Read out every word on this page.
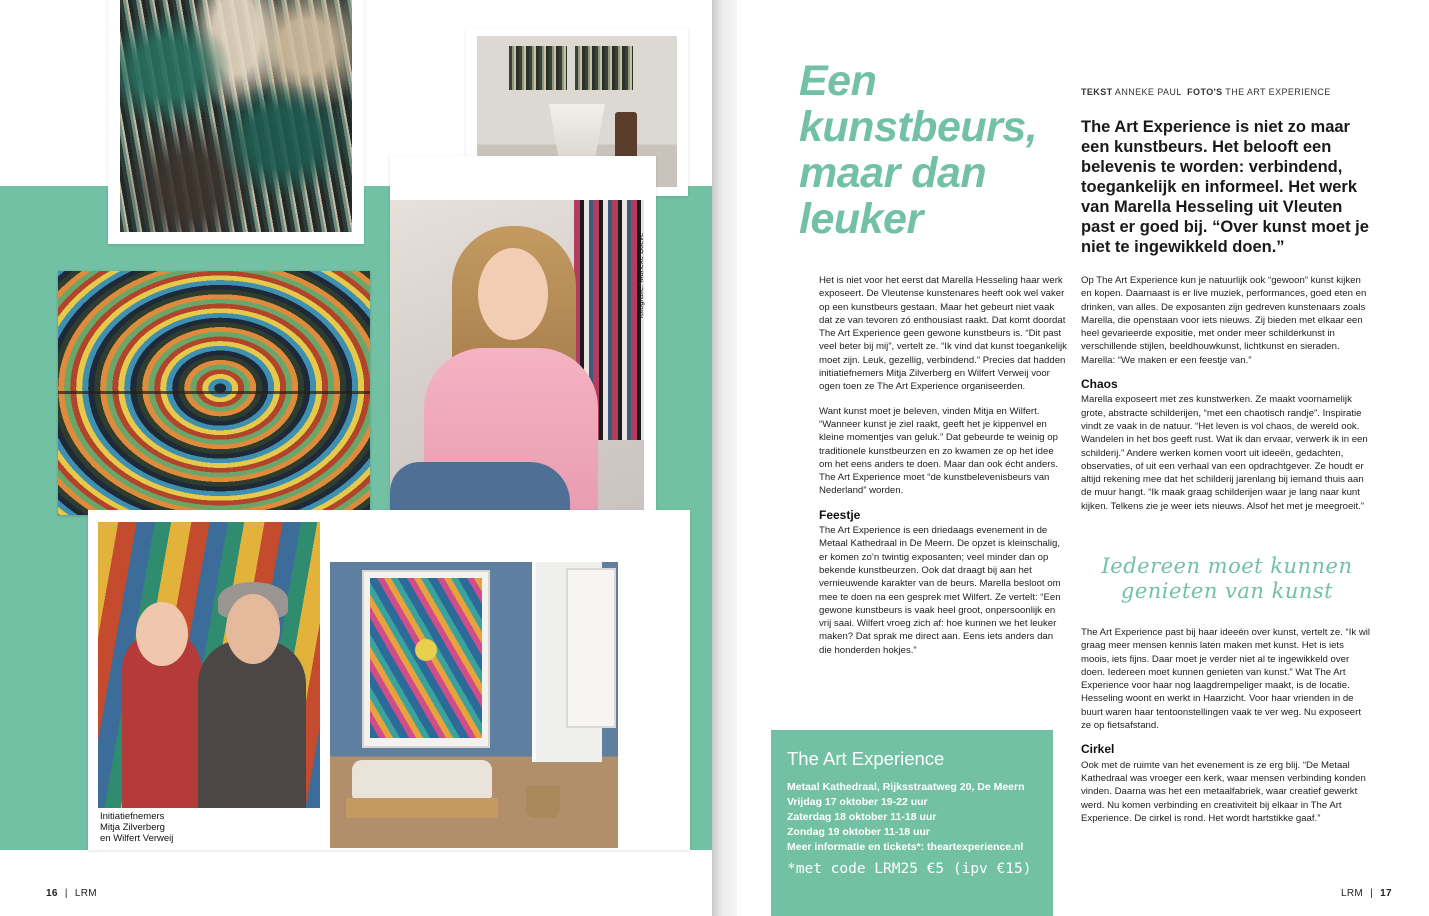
fotografie: Marieke Boeve
Initiatiefnemers
Mitja Zilverberg
en Wilfert Verweij
16 | LRM
Een
kunstbeurs,
maar dan
leuker
TEKST ANNEKE PAUL FOTO'S THE ART EXPERIENCE
The Art Experience is niet zo maar een kunstbeurs. Het belooft een belevenis te worden: verbindend, toegankelijk en informeel. Het werk van Marella Hesseling uit Vleuten past er goed bij. “Over kunst moet je niet te ingewikkeld doen.”

Het is niet voor het eerst dat Marella Hesseling haar werk exposeert. De Vleutense kunstenares heeft ook wel vaker op een kunstbeurs gestaan. Maar het gebeurt niet vaak dat ze van tevoren zó enthousiast raakt. Dat komt doordat The Art Experience geen gewone kunstbeurs is. “Dit past veel beter bij mij”, vertelt ze. “Ik vind dat kunst toegankelijk moet zijn. Leuk, gezellig, verbindend.” Precies dat hadden initiatiefnemers Mitja Zilverberg en Wilfert Verweij voor ogen toen ze The Art Experience organiseerden.

Want kunst moet je beleven, vinden Mitja en Wilfert. “Wanneer kunst je ziel raakt, geeft het je kippenvel en kleine momentjes van geluk.” Dat gebeurde te weinig op traditionele kunstbeurzen en zo kwamen ze op het idee om het eens anders te doen. Maar dan ook écht anders. The Art Experience moet “de kunstbelevenisbeurs van Nederland” worden.

Feestje

The Art Experience is een driedaags evenement in de Metaal Kathedraal in De Meern. De opzet is kleinschalig, er komen zo’n twintig exposanten; veel minder dan op bekende kunstbeurzen. Ook dat draagt bij aan het vernieuwende karakter van de beurs. Marella besloot om mee te doen na een gesprek met Wilfert. Ze vertelt: “Een gewone kunstbeurs is vaak heel groot, onpersoonlijk en vrij saai. Wilfert vroeg zich af: hoe kunnen we het leuker maken? Dat sprak me direct aan. Eens iets anders dan die honderden hokjes.”

Op The Art Experience kun je natuurlijk ook “gewoon” kunst kijken en kopen. Daarnaast is er live muziek, performances, goed eten en drinken, van alles. De exposanten zijn gedreven kunstenaars zoals Marella, die openstaan voor iets nieuws. Zij bieden met elkaar een heel gevarieerde expositie, met onder meer schilderkunst in verschillende stijlen, beeldhouwkunst, lichtkunst en sieraden. Marella: “We maken er een feestje van.”

Chaos

Marella exposeert met zes kunstwerken. Ze maakt voornamelijk grote, abstracte schilderijen, “met een chaotisch randje”. Inspiratie vindt ze vaak in de natuur. “Het leven is vol chaos, de wereld ook. Wandelen in het bos geeft rust. Wat ik dan ervaar, verwerk ik in een schilderij.” Andere werken komen voort uit ideeën, gedachten, observaties, of uit een verhaal van een opdrachtgever. Ze houdt er altijd rekening mee dat het schilderij jarenlang bij iemand thuis aan de muur hangt. “Ik maak graag schilderijen waar je lang naar kunt kijken. Telkens zie je weer iets nieuws. Alsof het met je meegroeit.”

Iedereen moet kunnen
genieten van kunst

The Art Experience past bij haar ideeën over kunst, vertelt ze. “Ik wil graag meer mensen kennis laten maken met kunst. Het is iets moois, iets fijns. Daar moet je verder niet al te ingewikkeld over doen. Iedereen moet kunnen genieten van kunst.” Wat The Art Experience voor haar nog laagdrempeliger maakt, is de locatie. Hesseling woont en werkt in Haarzicht. Voor haar vrienden in de buurt waren haar tentoonstellingen vaak te ver weg. Nu exposeert ze op fietsafstand.

Cirkel

Ook met de ruimte van het evenement is ze erg blij. “De Metaal Kathedraal was vroeger een kerk, waar mensen verbinding konden vinden. Daarna was het een metaalfabriek, waar creatief gewerkt werd. Nu komen verbinding en creativiteit bij elkaar in The Art Experience. De cirkel is rond. Het wordt hartstikke gaaf.”

The Art Experience
Metaal Kathedraal, Rijksstraatweg 20, De Meern
Vrijdag 17 oktober 19-22 uur
Zaterdag 18 oktober 11-18 uur
Zondag 19 oktober 11-18 uur
Meer informatie en tickets*: theartexperience.nl
*met code LRM25 €5 (ipv €15)
LRM | 17
